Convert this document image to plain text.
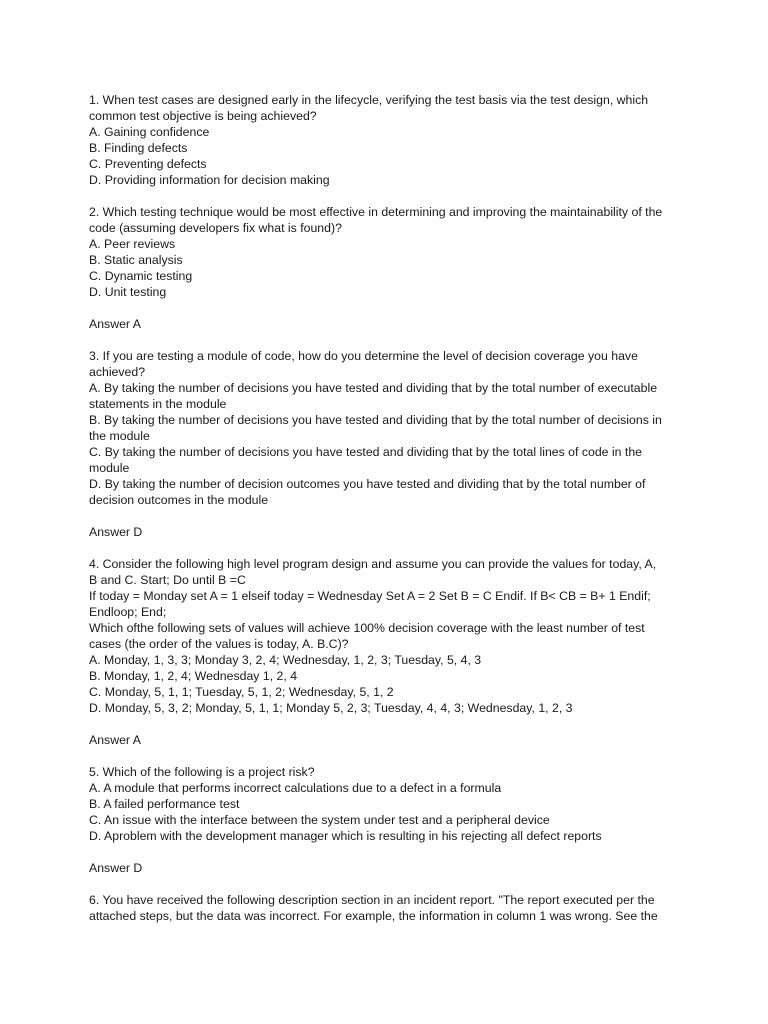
1. When test cases are designed early in the lifecycle, verifying the test basis via the test design, which
common test objective is being achieved?
A. Gaining confidence
B. Finding defects
C. Preventing defects
D. Providing information for decision making
2. Which testing technique would be most effective in determining and improving the maintainability of the
code (assuming developers fix what is found)?
A. Peer reviews
B. Static analysis
C. Dynamic testing
D. Unit testing
Answer A
3. If you are testing a module of code, how do you determine the level of decision coverage you have
achieved?
A. By taking the number of decisions you have tested and dividing that by the total number of executable
statements in the module
B. By taking the number of decisions you have tested and dividing that by the total number of decisions in
the module
C. By taking the number of decisions you have tested and dividing that by the total lines of code in the
module
D. By taking the number of decision outcomes you have tested and dividing that by the total number of
decision outcomes in the module
Answer D
4. Consider the following high level program design and assume you can provide the values for today, A,
B and C. Start; Do until B =C
If today = Monday set A = 1 elseif today = Wednesday Set A = 2 Set B = C Endif. If B< CB = B+ 1 Endif;
Endloop; End;
Which ofthe following sets of values will achieve 100% decision coverage with the least number of test
cases (the order of the values is today, A. B.C)?
A. Monday, 1, 3, 3; Monday 3, 2, 4; Wednesday, 1, 2, 3; Tuesday, 5, 4, 3
B. Monday, 1, 2, 4; Wednesday 1, 2, 4
C. Monday, 5, 1, 1; Tuesday, 5, 1, 2; Wednesday, 5, 1, 2
D. Monday, 5, 3, 2; Monday, 5, 1, 1; Monday 5, 2, 3; Tuesday, 4, 4, 3; Wednesday, 1, 2, 3
Answer A
5. Which of the following is a project risk?
A. A module that performs incorrect calculations due to a defect in a formula
B. A failed performance test
C. An issue with the interface between the system under test and a peripheral device
D. Aproblem with the development manager which is resulting in his rejecting all defect reports
Answer D
6. You have received the following description section in an incident report. "The report executed per the
attached steps, but the data was incorrect. For example, the information in column 1 was wrong. See the
